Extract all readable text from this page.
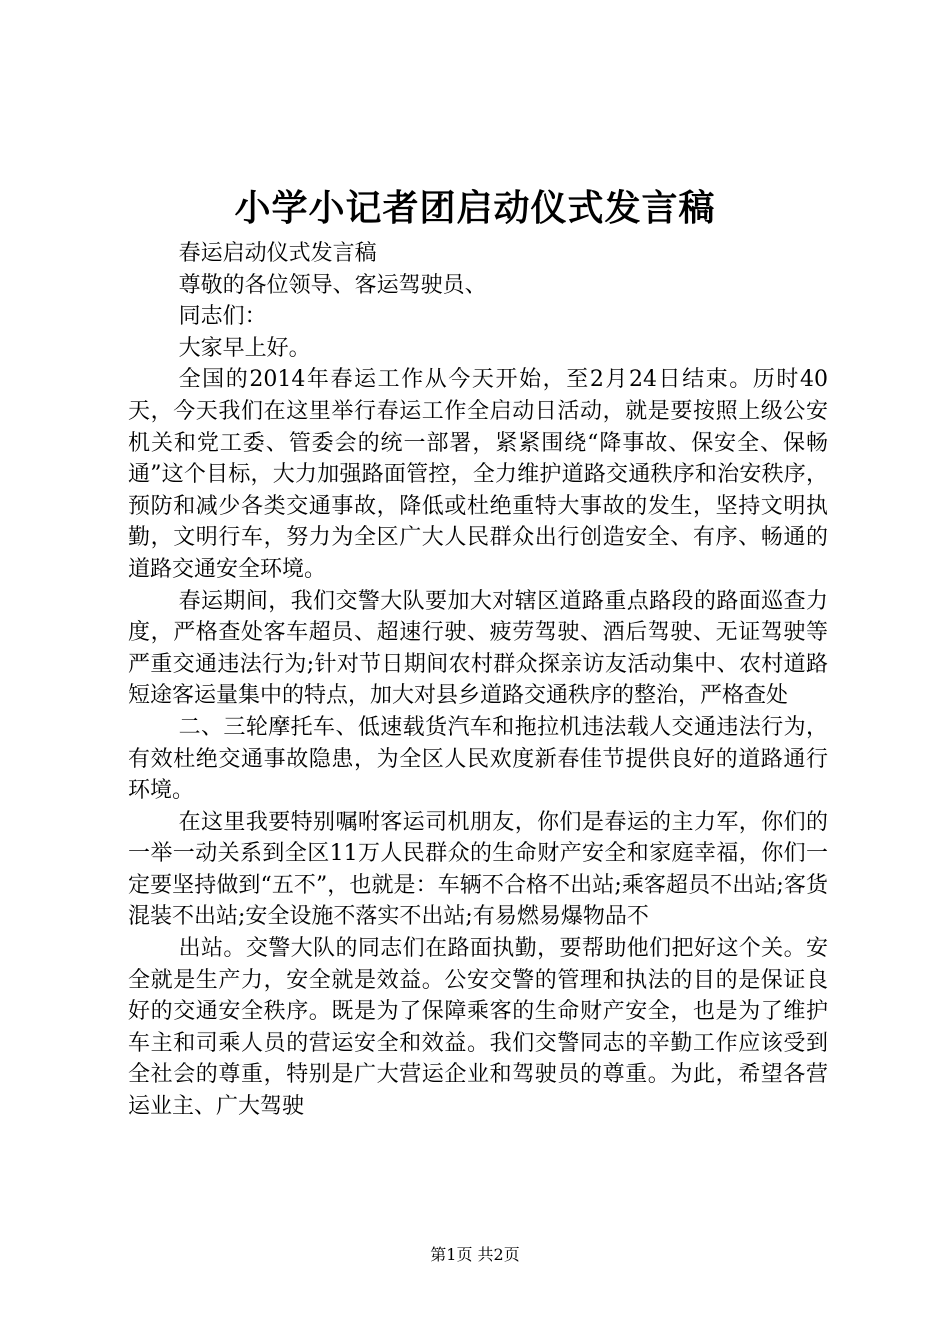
小学小记者团启动仪式发言稿

春运启动仪式发言稿

尊敬的各位领导、客运驾驶员、

同志们：

大家早上好。

全国的2014年春运工作从今天开始，至2月24日结束。历时40天，今天我们在这里举行春运工作全启动日活动，就是要按照上级公安机关和党工委、管委会的统一部署，紧紧围绕“降事故、保安全、保畅通”这个目标，大力加强路面管控，全力维护道路交通秩序和治安秩序，预防和减少各类交通事故，降低或杜绝重特大事故的发生，坚持文明执勤，文明行车，努力为全区广大人民群众出行创造安全、有序、畅通的道路交通安全环境。

春运期间，我们交警大队要加大对辖区道路重点路段的路面巡查力度，严格查处客车超员、超速行驶、疲劳驾驶、酒后驾驶、无证驾驶等严重交通违法行为;针对节日期间农村群众探亲访友活动集中、农村道路短途客运量集中的特点，加大对县乡道路交通秩序的整治，严格查处

二、三轮摩托车、低速载货汽车和拖拉机违法载人交通违法行为，有效杜绝交通事故隐患，为全区人民欢度新春佳节提供良好的道路通行环境。

在这里我要特别嘱咐客运司机朋友，你们是春运的主力军，你们的一举一动关系到全区11万人民群众的生命财产安全和家庭幸福，你们一定要坚持做到“五不”，也就是：车辆不合格不出站;乘客超员不出站;客货混装不出站;安全设施不落实不出站;有易燃易爆物品不

出站。交警大队的同志们在路面执勤，要帮助他们把好这个关。安全就是生产力，安全就是效益。公安交警的管理和执法的目的是保证良好的交通安全秩序。既是为了保障乘客的生命财产安全，也是为了维护车主和司乘人员的营运安全和效益。我们交警同志的辛勤工作应该受到全社会的尊重，特别是广大营运企业和驾驶员的尊重。为此，希望各营运业主、广大驾驶

第1页 共2页
